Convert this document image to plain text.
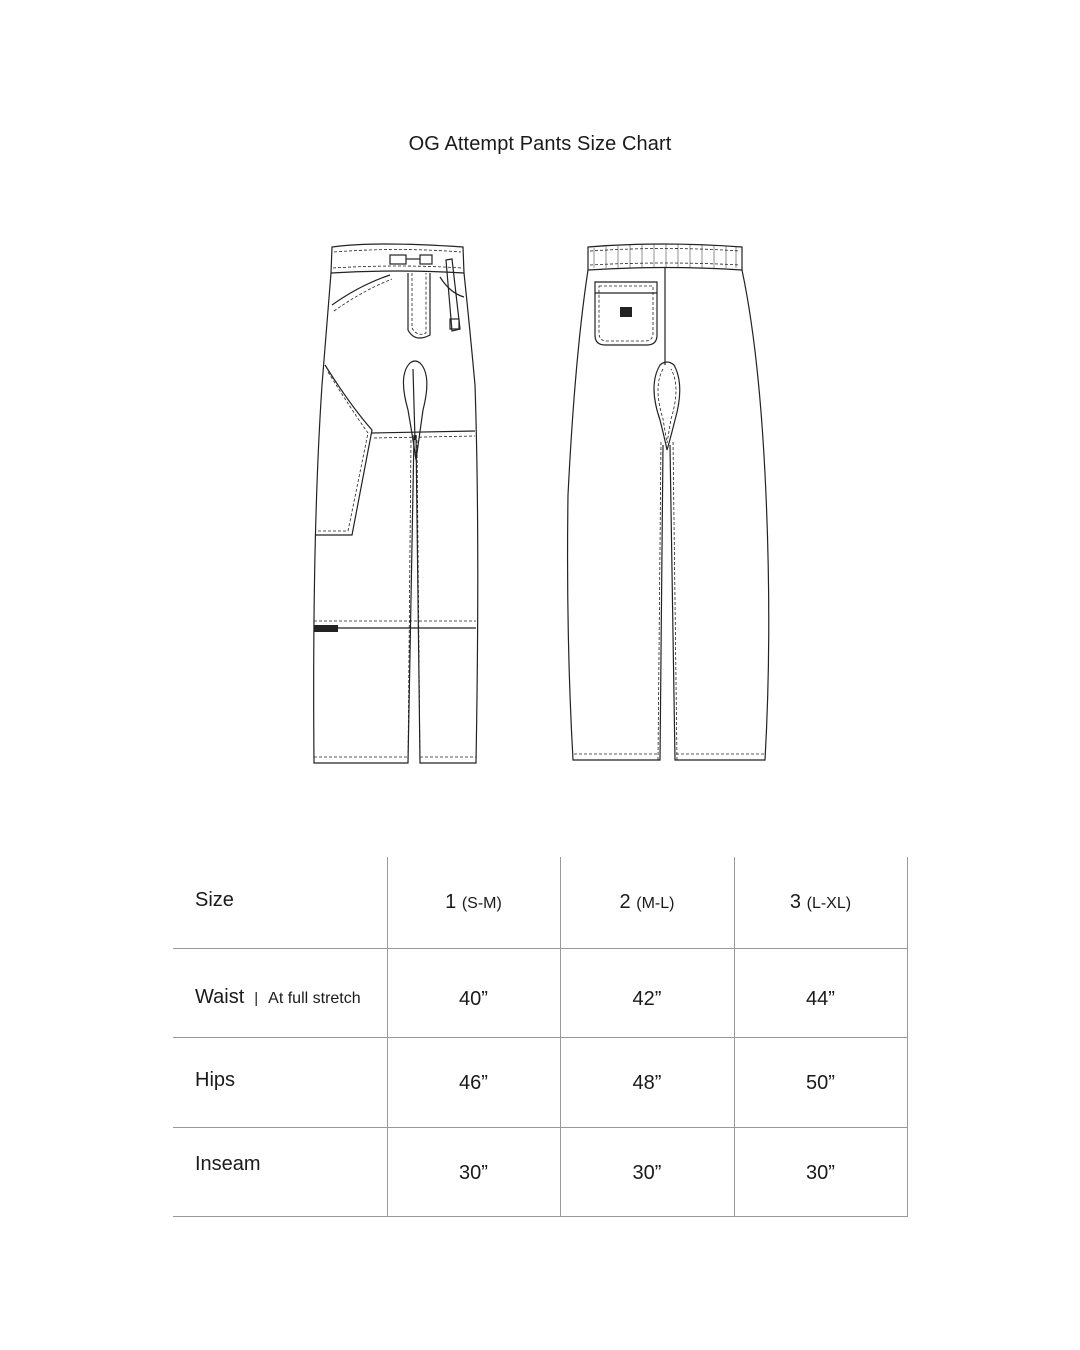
OG Attempt Pants Size Chart
Size	1 (S-M)	2 (M-L)	3 (L-XL)
Waist | At full stretch	40”	42”	44”
Hips	46”	48”	50”
Inseam	30”	30”	30”
